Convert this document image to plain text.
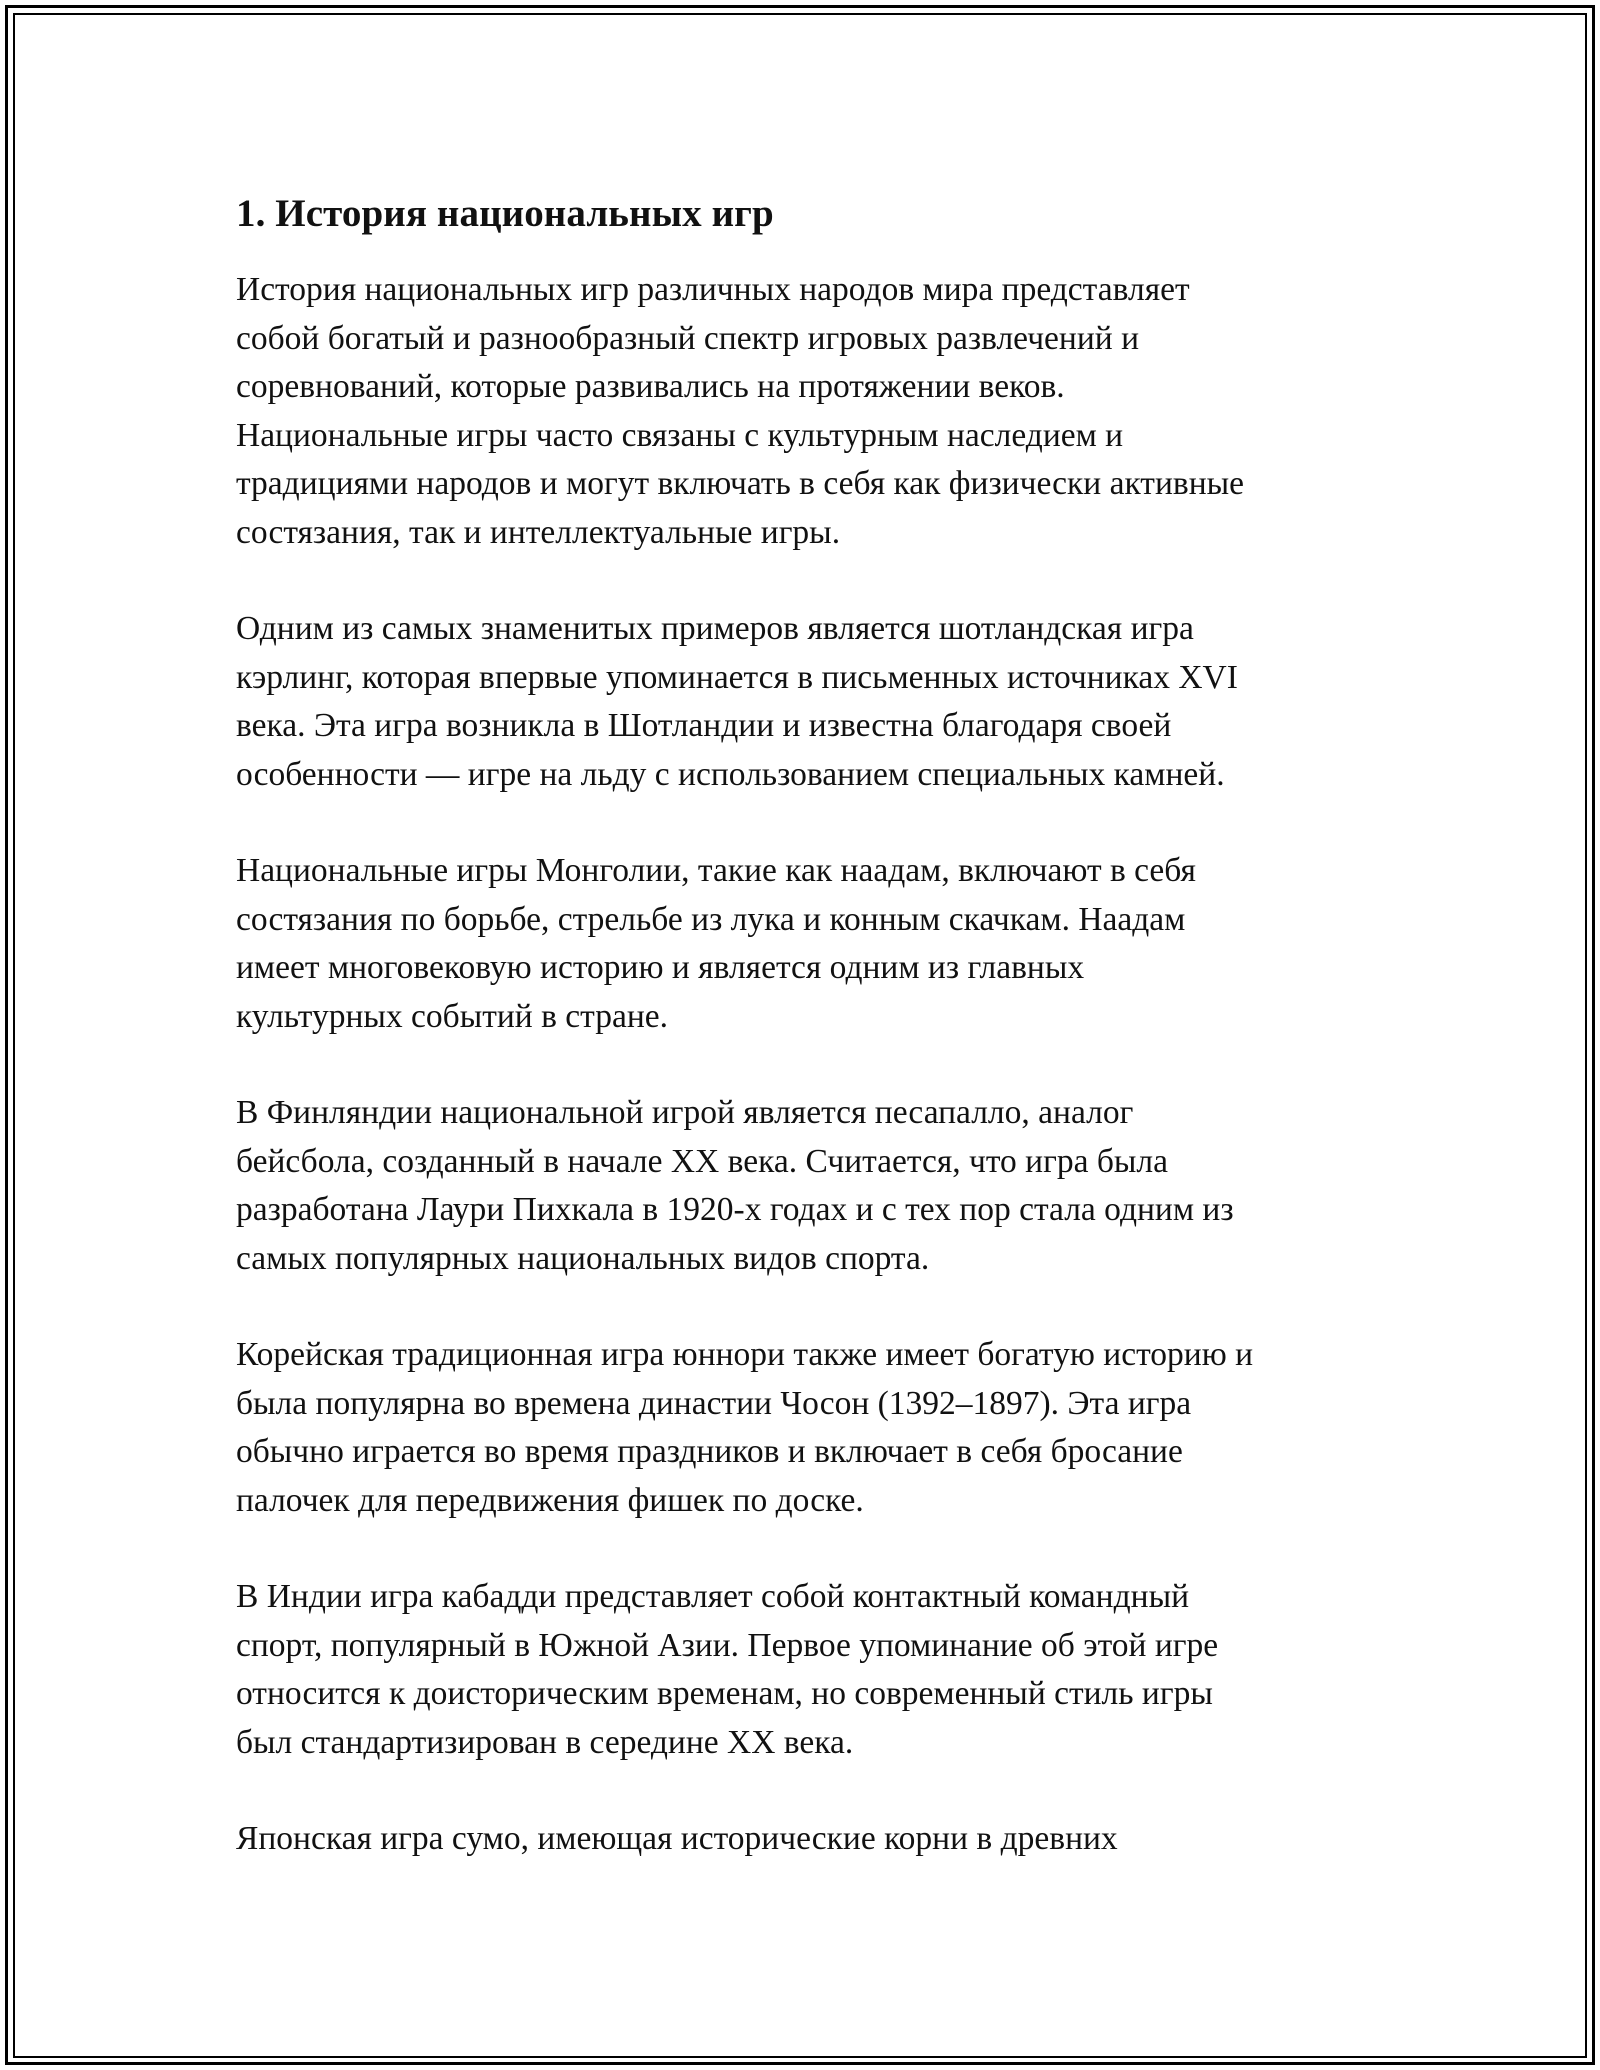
1. История национальных игр

История национальных игр различных народов мира представляет
собой богатый и разнообразный спектр игровых развлечений и
соревнований, которые развивались на протяжении веков.
Национальные игры часто связаны с культурным наследием и
традициями народов и могут включать в себя как физически активные
состязания, так и интеллектуальные игры.

Одним из самых знаменитых примеров является шотландская игра
кэрлинг, которая впервые упоминается в письменных источниках XVI
века. Эта игра возникла в Шотландии и известна благодаря своей
особенности — игре на льду с использованием специальных камней.

Национальные игры Монголии, такие как наадам, включают в себя
состязания по борьбе, стрельбе из лука и конным скачкам. Наадам
имеет многовековую историю и является одним из главных
культурных событий в стране.

В Финляндии национальной игрой является песапалло, аналог
бейсбола, созданный в начале XX века. Считается, что игра была
разработана Лаури Пихкала в 1920-х годах и с тех пор стала одним из
самых популярных национальных видов спорта.

Корейская традиционная игра юннори также имеет богатую историю и
была популярна во времена династии Чосон (1392–1897). Эта игра
обычно играется во время праздников и включает в себя бросание
палочек для передвижения фишек по доске.

В Индии игра кабадди представляет собой контактный командный
спорт, популярный в Южной Азии. Первое упоминание об этой игре
относится к доисторическим временам, но современный стиль игры
был стандартизирован в середине XX века.

Японская игра сумо, имеющая исторические корни в древних
